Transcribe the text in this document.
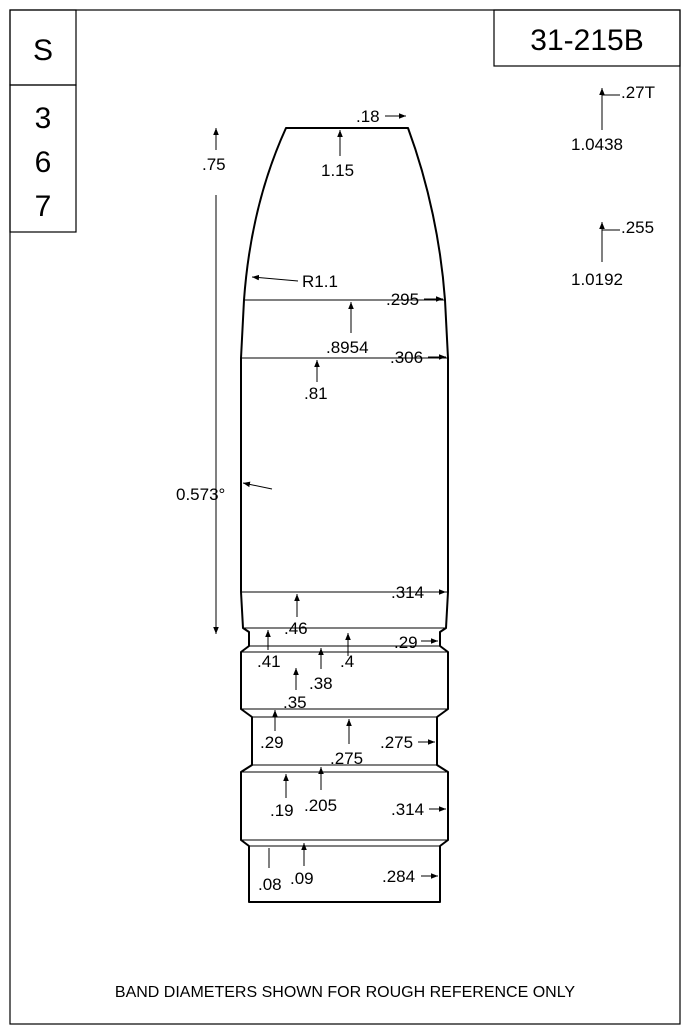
S
3
6
7
31-215B
.27T
1.0438
.255
1.0192
.75
0.573°
R1.1
.18
1.15
.295
.306
.314
.29
.275
.314
.284
.8954
.81
.46
.41	.4
.38
.35
.29
.275
.205
.19
.09
.08
BAND DIAMETERS SHOWN FOR ROUGH REFERENCE ONLY
